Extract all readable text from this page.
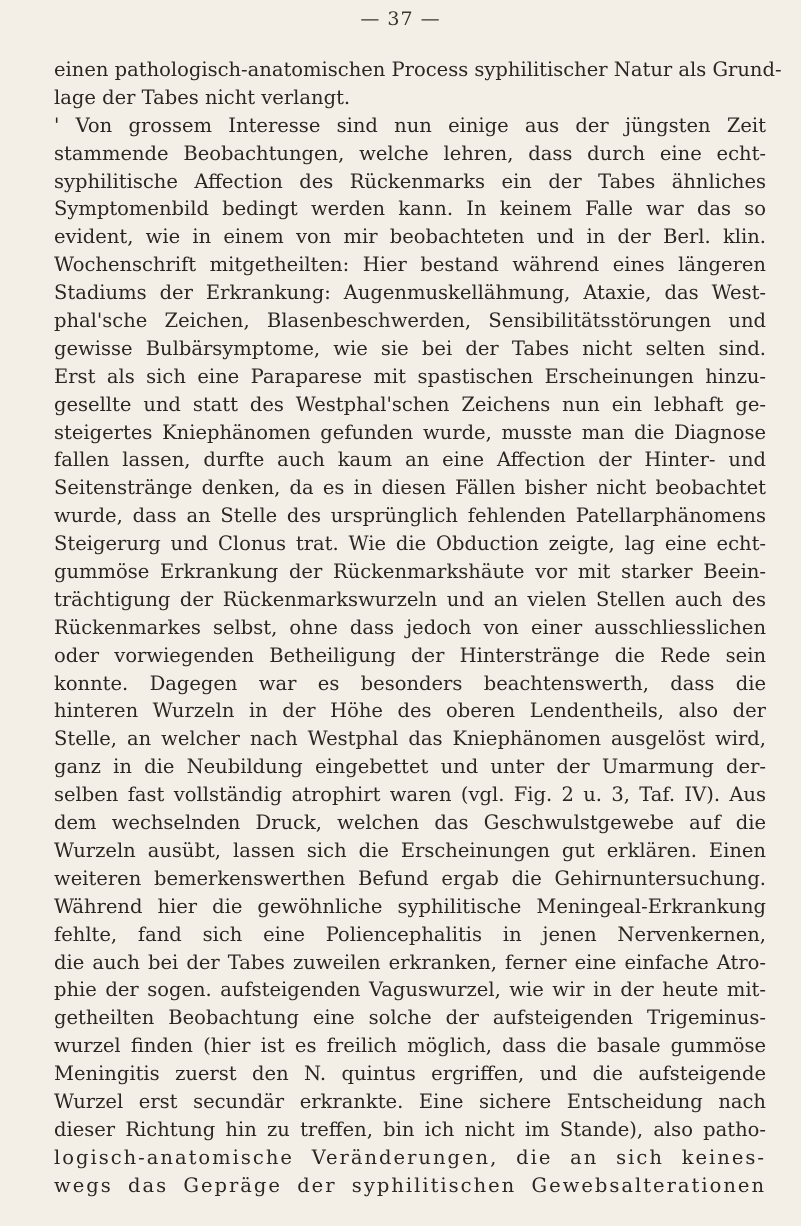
— 37 —
einen pathologisch-anatomischen Process syphilitischer Natur als Grund-
lage der Tabes nicht verlangt.
' Von grossem Interesse sind nun einige aus der jüngsten Zeit
stammende Beobachtungen, welche lehren, dass durch eine echt-
syphilitische Affection des Rückenmarks ein der Tabes ähnliches
Symptomenbild bedingt werden kann. In keinem Falle war das so
evident, wie in einem von mir beobachteten und in der Berl. klin.
Wochenschrift mitgetheilten: Hier bestand während eines längeren
Stadiums der Erkrankung: Augenmuskellähmung, Ataxie, das West-
phal'sche Zeichen, Blasenbeschwerden, Sensibilitätsstörungen und
gewisse Bulbärsymptome, wie sie bei der Tabes nicht selten sind.
Erst als sich eine Paraparese mit spastischen Erscheinungen hinzu-
gesellte und statt des Westphal'schen Zeichens nun ein lebhaft ge-
steigertes Kniephänomen gefunden wurde, musste man die Diagnose
fallen lassen, durfte auch kaum an eine Affection der Hinter- und
Seitenstränge denken, da es in diesen Fällen bisher nicht beobachtet
wurde, dass an Stelle des ursprünglich fehlenden Patellarphänomens
Steigerurg und Clonus trat. Wie die Obduction zeigte, lag eine echt-
gummöse Erkrankung der Rückenmarkshäute vor mit starker Beein-
trächtigung der Rückenmarkswurzeln und an vielen Stellen auch des
Rückenmarkes selbst, ohne dass jedoch von einer ausschliesslichen
oder vorwiegenden Betheiligung der Hinterstränge die Rede sein
konnte. Dagegen war es besonders beachtenswerth, dass die
hinteren Wurzeln in der Höhe des oberen Lendentheils, also der
Stelle, an welcher nach Westphal das Kniephänomen ausgelöst wird,
ganz in die Neubildung eingebettet und unter der Umarmung der-
selben fast vollständig atrophirt waren (vgl. Fig. 2 u. 3, Taf. IV). Aus
dem wechselnden Druck, welchen das Geschwulstgewebe auf die
Wurzeln ausübt, lassen sich die Erscheinungen gut erklären. Einen
weiteren bemerkenswerthen Befund ergab die Gehirnuntersuchung.
Während hier die gewöhnliche syphilitische Meningeal-Erkrankung
fehlte, fand sich eine Poliencephalitis in jenen Nervenkernen,
die auch bei der Tabes zuweilen erkranken, ferner eine einfache Atro-
phie der sogen. aufsteigenden Vaguswurzel, wie wir in der heute mit-
getheilten Beobachtung eine solche der aufsteigenden Trigeminus-
wurzel finden (hier ist es freilich möglich, dass die basale gummöse
Meningitis zuerst den N. quintus ergriffen, und die aufsteigende
Wurzel erst secundär erkrankte. Eine sichere Entscheidung nach
dieser Richtung hin zu treffen, bin ich nicht im Stande), also patho-
logisch-anatomische Veränderungen, die an sich keines-
wegs das Gepräge der syphilitischen Gewebsalterationen
